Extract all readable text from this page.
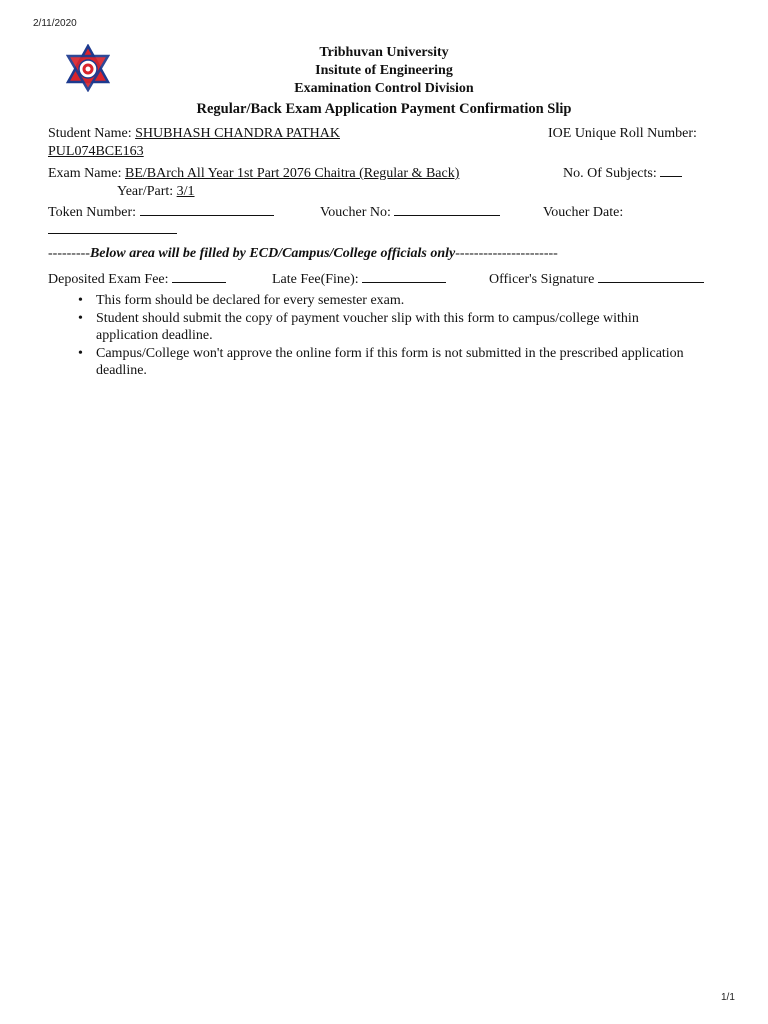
2/11/2020
Tribhuvan University
Insitute of Engineering
Examination Control Division
Regular/Back Exam Application Payment Confirmation Slip
Student Name: SHUBHASH CHANDRA PATHAK	IOE Unique Roll Number:
PUL074BCE163
Exam Name: BE/BArch All Year 1st Part 2076 Chaitra (Regular & Back)	No. Of Subjects:
Year/Part: 3/1
Token Number:	Voucher No:	Voucher Date:
---------Below area will be filled by ECD/Campus/College officials only----------------------
Deposited Exam Fee:	Late Fee(Fine):	Officer's Signature
• This form should be declared for every semester exam.
• Student should submit the copy of payment voucher slip with this form to campus/college within application deadline.
• Campus/College won't approve the online form if this form is not submitted in the prescribed application deadline.
1/1
